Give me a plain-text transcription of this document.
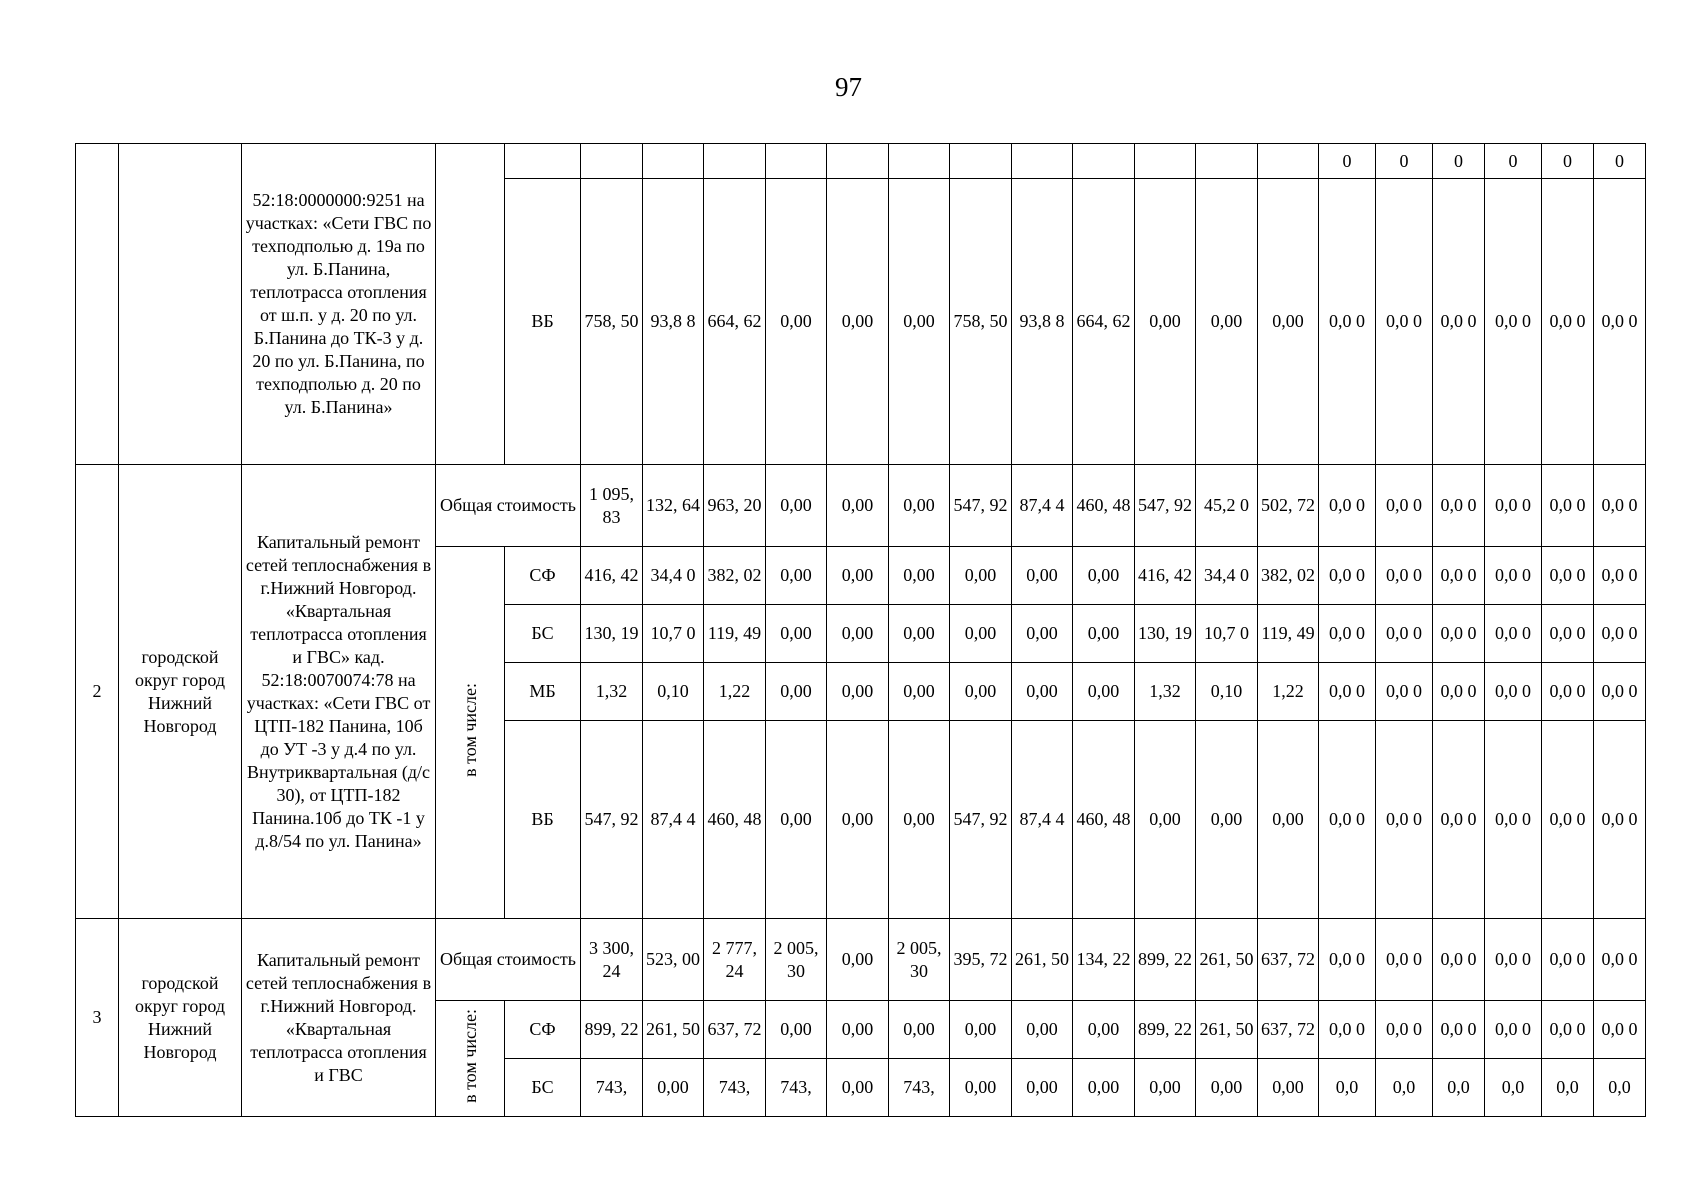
97
		52:18:0000000:9251 на участках: «Сети ГВС по техподполью д. 19а по ул. Б.Панина, теплотрасса отопления от ш.п. у д. 20 по ул. Б.Панина до ТК-3 у д. 20 по ул. Б.Панина, по техподполью д. 20 по ул. Б.Панина»															0	0	0	0	0	0
				ВБ	758, 50	93,8 8	664, 62	0,00	0,00	0,00	758, 50	93,8 8	664, 62	0,00	0,00	0,00	0,0 0	0,0 0	0,0 0	0,0 0	0,0 0	0,0 0
2	городской округ город Нижний Новгород	Капитальный ремонт сетей теплоснабжения в г.Нижний Новгород. «Квартальная теплотрасса отопления и ГВС» кад. 52:18:0070074:78 на участках: «Сети ГВС от ЦТП-182 Панина, 10б до УТ -3 у д.4 по ул. Внутриквартальная (д/с 30), от ЦТП-182 Панина.10б до ТК -1 у д.8/54 по ул. Панина»	Общая стоимость		1 095, 83	132, 64	963, 20	0,00	0,00	0,00	547, 92	87,4 4	460, 48	547, 92	45,2 0	502, 72	0,0 0	0,0 0	0,0 0	0,0 0	0,0 0	0,0 0
			в том числе:	СФ	416, 42	34,4 0	382, 02	0,00	0,00	0,00	0,00	0,00	0,00	416, 42	34,4 0	382, 02	0,0 0	0,0 0	0,0 0	0,0 0	0,0 0	0,0 0
				БС	130, 19	10,7 0	119, 49	0,00	0,00	0,00	0,00	0,00	0,00	130, 19	10,7 0	119, 49	0,0 0	0,0 0	0,0 0	0,0 0	0,0 0	0,0 0
				МБ	1,32	0,10	1,22	0,00	0,00	0,00	0,00	0,00	0,00	1,32	0,10	1,22	0,0 0	0,0 0	0,0 0	0,0 0	0,0 0	0,0 0
				ВБ	547, 92	87,4 4	460, 48	0,00	0,00	0,00	547, 92	87,4 4	460, 48	0,00	0,00	0,00	0,0 0	0,0 0	0,0 0	0,0 0	0,0 0	0,0 0
3	городской округ город Нижний Новгород	Капитальный ремонт сетей теплоснабжения в г.Нижний Новгород. «Квартальная теплотрасса отопления и ГВС	Общая стоимость		3 300, 24	523, 00	2 777, 24	2 005, 30	0,00	2 005, 30	395, 72	261, 50	134, 22	899, 22	261, 50	637, 72	0,0 0	0,0 0	0,0 0	0,0 0	0,0 0	0,0 0
			в том числе:	СФ	899, 22	261, 50	637, 72	0,00	0,00	0,00	0,00	0,00	0,00	899, 22	261, 50	637, 72	0,0 0	0,0 0	0,0 0	0,0 0	0,0 0	0,0 0
				БС	743,	0,00	743,	743,	0,00	743,	0,00	0,00	0,00	0,00	0,00	0,00	0,0	0,0	0,0	0,0	0,0	0,0
